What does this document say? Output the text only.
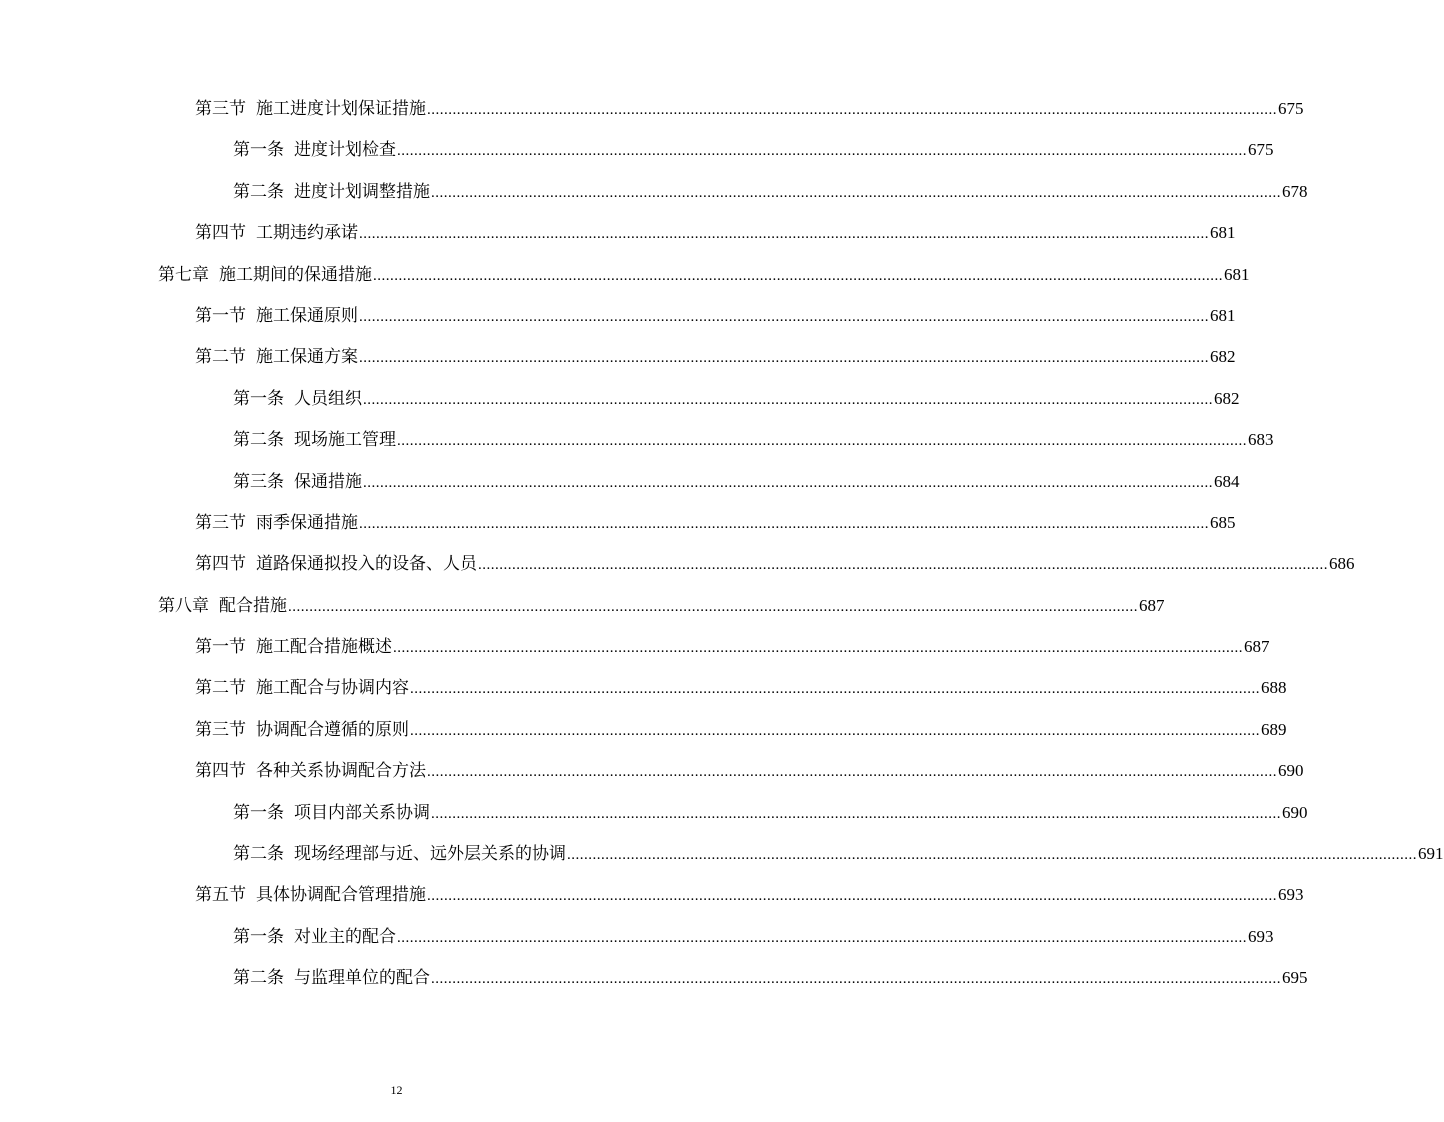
第三节 施工进度计划保证措施 ........................................................................................................................................................................................................ 675
第一条 进度计划检查 ........................................................................................................................................................................................................ 675
第二条 进度计划调整措施 ........................................................................................................................................................................................................ 678
第四节 工期违约承诺 ........................................................................................................................................................................................................ 681
第七章 施工期间的保通措施 ........................................................................................................................................................................................................ 681
第一节 施工保通原则 ........................................................................................................................................................................................................ 681
第二节 施工保通方案 ........................................................................................................................................................................................................ 682
第一条 人员组织 ........................................................................................................................................................................................................ 682
第二条 现场施工管理 ........................................................................................................................................................................................................ 683
第三条 保通措施 ........................................................................................................................................................................................................ 684
第三节 雨季保通措施 ........................................................................................................................................................................................................ 685
第四节 道路保通拟投入的设备、人员 ........................................................................................................................................................................................................ 686
第八章 配合措施 ........................................................................................................................................................................................................ 687
第一节 施工配合措施概述 ........................................................................................................................................................................................................ 687
第二节 施工配合与协调内容 ........................................................................................................................................................................................................ 688
第三节 协调配合遵循的原则 ........................................................................................................................................................................................................ 689
第四节 各种关系协调配合方法 ........................................................................................................................................................................................................ 690
第一条 项目内部关系协调 ........................................................................................................................................................................................................ 690
第二条 现场经理部与近、远外层关系的协调 ........................................................................................................................................................................................................ 691
第五节 具体协调配合管理措施 ........................................................................................................................................................................................................ 693
第一条 对业主的配合 ........................................................................................................................................................................................................ 693
第二条 与监理单位的配合 ........................................................................................................................................................................................................ 695
12
